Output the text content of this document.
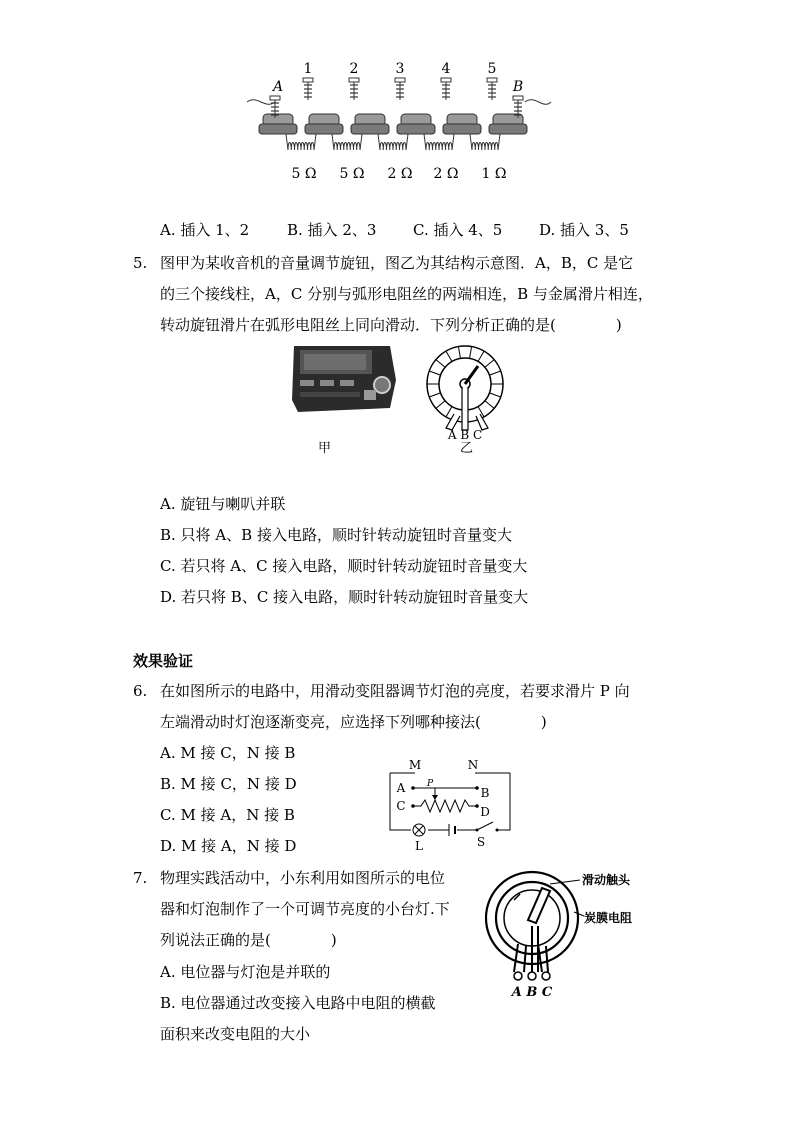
A
1	2	3	4	5
B
5 Ω 5 Ω 2 Ω 2 Ω 1 Ω
A. 插入 1、2	B. 插入 2、3 C. 插入 4、5 D. 插入 3、5
5. 图甲为某收音机的音量调节旋钮，图乙为其结构示意图．A，B，C 是它
的三个接线柱，A，C 分别与弧形电阻丝的两端相连，B 与金属滑片相连，
转动旋钮滑片在弧形电阻丝上同向滑动．下列分析正确的是(　　　　)
甲
A B C
乙
A. 旋钮与喇叭并联
B. 只将 A、B 接入电路，顺时针转动旋钮时音量变大
C. 若只将 A、C 接入电路，顺时针转动旋钮时音量变大
D. 若只将 B、C 接入电路，顺时针转动旋钮时音量变大
效果验证
6. 在如图所示的电路中，用滑动变阻器调节灯泡的亮度，若要求滑片 P 向
左端滑动时灯泡逐渐变亮，应选择下列哪种接法(　　　　)
A. M 接 C，N 接 B
B. M 接 C，N 接 D
C. M 接 A，N 接 B
D. M 接 A，N 接 D
M	N
A	B
C	D
P
L	S
7. 物理实践活动中，小东利用如图所示的电位
器和灯泡制作了一个可调节亮度的小台灯.下
列说法正确的是(　　　　)
A. 电位器与灯泡是并联的
B. 电位器通过改变接入电路中电阻的横截
面积来改变电阻的大小
滑动触头
炭膜电阻
A B C
